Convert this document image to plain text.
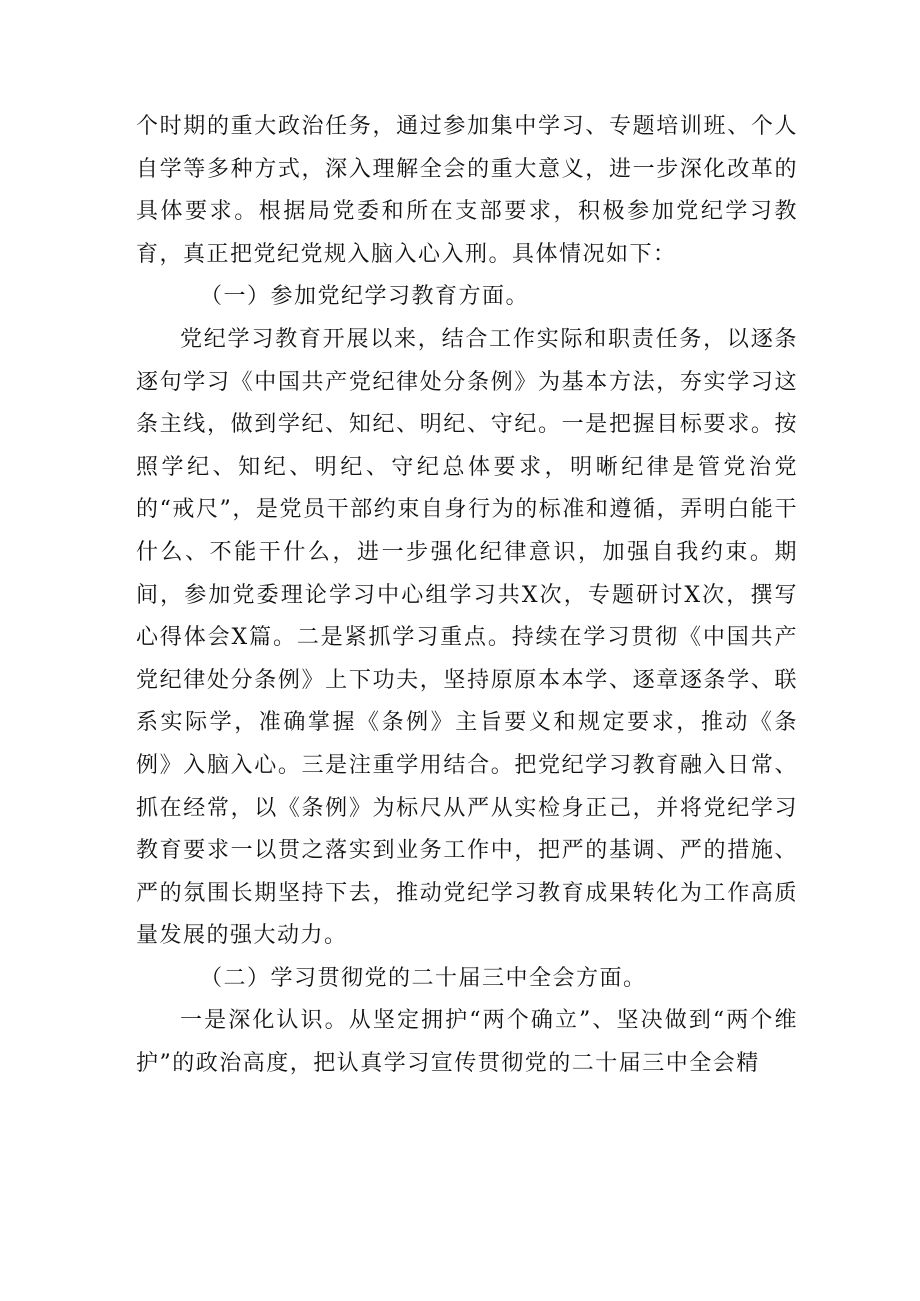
个时期的重大政治任务，通过参加集中学习、专题培训班、个人自学等多种方式，深入理解全会的重大意义，进一步深化改革的具体要求。根据局党委和所在支部要求，积极参加党纪学习教育，真正把党纪党规入脑入心入刑。具体情况如下：

（一）参加党纪学习教育方面。

党纪学习教育开展以来，结合工作实际和职责任务，以逐条逐句学习《中国共产党纪律处分条例》为基本方法，夯实学习这条主线，做到学纪、知纪、明纪、守纪。一是把握目标要求。按照学纪、知纪、明纪、守纪总体要求，明晰纪律是管党治党的“戒尺”，是党员干部约束自身行为的标准和遵循，弄明白能干什么、不能干什么，进一步强化纪律意识，加强自我约束。期间，参加党委理论学习中心组学习共X次，专题研讨X次，撰写心得体会X篇。二是紧抓学习重点。持续在学习贯彻《中国共产党纪律处分条例》上下功夫，坚持原原本本学、逐章逐条学、联系实际学，准确掌握《条例》主旨要义和规定要求，推动《条例》入脑入心。三是注重学用结合。把党纪学习教育融入日常、抓在经常，以《条例》为标尺从严从实检身正己，并将党纪学习教育要求一以贯之落实到业务工作中，把严的基调、严的措施、严的氛围长期坚持下去，推动党纪学习教育成果转化为工作高质量发展的强大动力。

（二）学习贯彻党的二十届三中全会方面。

一是深化认识。从坚定拥护“两个确立”、坚决做到“两个维护”的政治高度，把认真学习宣传贯彻党的二十届三中全会精
